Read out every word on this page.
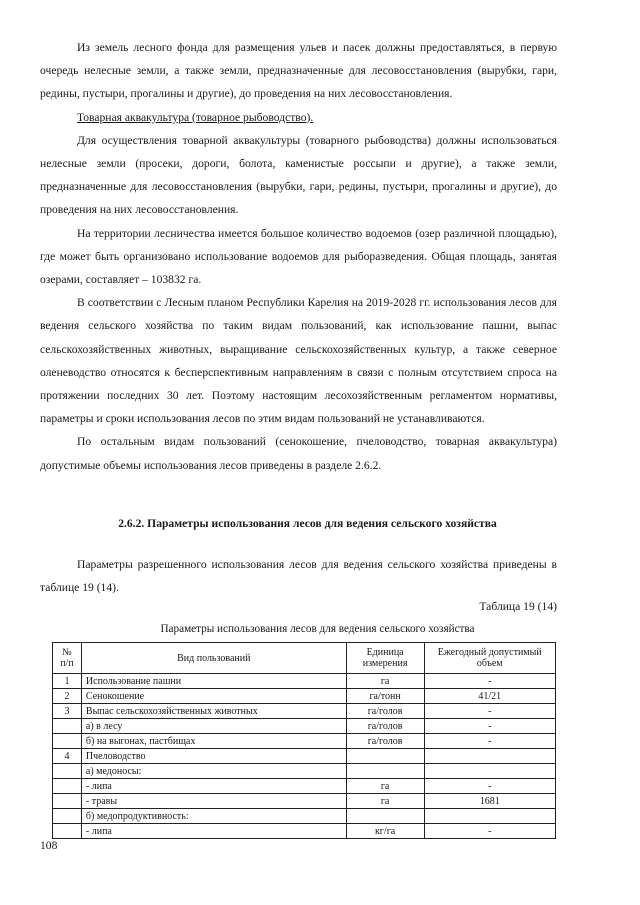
Из земель лесного фонда для размещения ульев и пасек должны предоставляться, в первую очередь нелесные земли, а также земли, предназначенные для лесовосстановления (вырубки, гари, редины, пустыри, прогалины и другие), до проведения на них лесовосстановления.

Товарная аквакультура (товарное рыбоводство).

Для осуществления товарной аквакультуры (товарного рыбоводства) должны использоваться нелесные земли (просеки, дороги, болота, каменистые россыпи и другие), а также земли, предназначенные для лесовосстановления (вырубки, гари, редины, пустыри, прогалины и другие), до проведения на них лесовосстановления.

На территории лесничества имеется большое количество водоемов (озер различной площадью), где может быть организовано использование водоемов для рыборазведения. Общая площадь, занятая озерами, составляет – 103832 га.

В соответствии с Лесным планом Республики Карелия на 2019-2028 гг. использования лесов для ведения сельского хозяйства по таким видам пользований, как использование пашни, выпас сельскохозяйственных животных, выращивание сельскохозяйственных культур, а также северное оленеводство относятся к бесперспективным направлениям в связи с полным отсутствием спроса на протяжении последних 30 лет. Поэтому настоящим лесохозяйственным регламентом нормативы, параметры и сроки использования лесов по этим видам пользований не устанавливаются.

По остальным видам пользований (сенокошение, пчеловодство, товарная аквакультура) допустимые объемы использования лесов приведены в разделе 2.6.2.

2.6.2. Параметры использования лесов для ведения сельского хозяйства

Параметры разрешенного использования лесов для ведения сельского хозяйства приведены в таблице 19 (14).

Таблица 19 (14)
Параметры использования лесов для ведения сельского хозяйства
№ п/п	Вид пользований	Единица измерения	Ежегодный допустимый объем
1	Использование пашни	га	-
2	Сенокошение	га/тонн	41/21
3	Выпас сельскохозяйственных животных	га/голов	-
	а) в лесу	га/голов	-
	б) на выгонах, пастбищах	га/голов	-
4	Пчеловодство		
	а) медоносы:		
	- липа	га	-
	- травы	га	1681
	б) медопродуктивность:		
	- липа	кг/га	-
108
